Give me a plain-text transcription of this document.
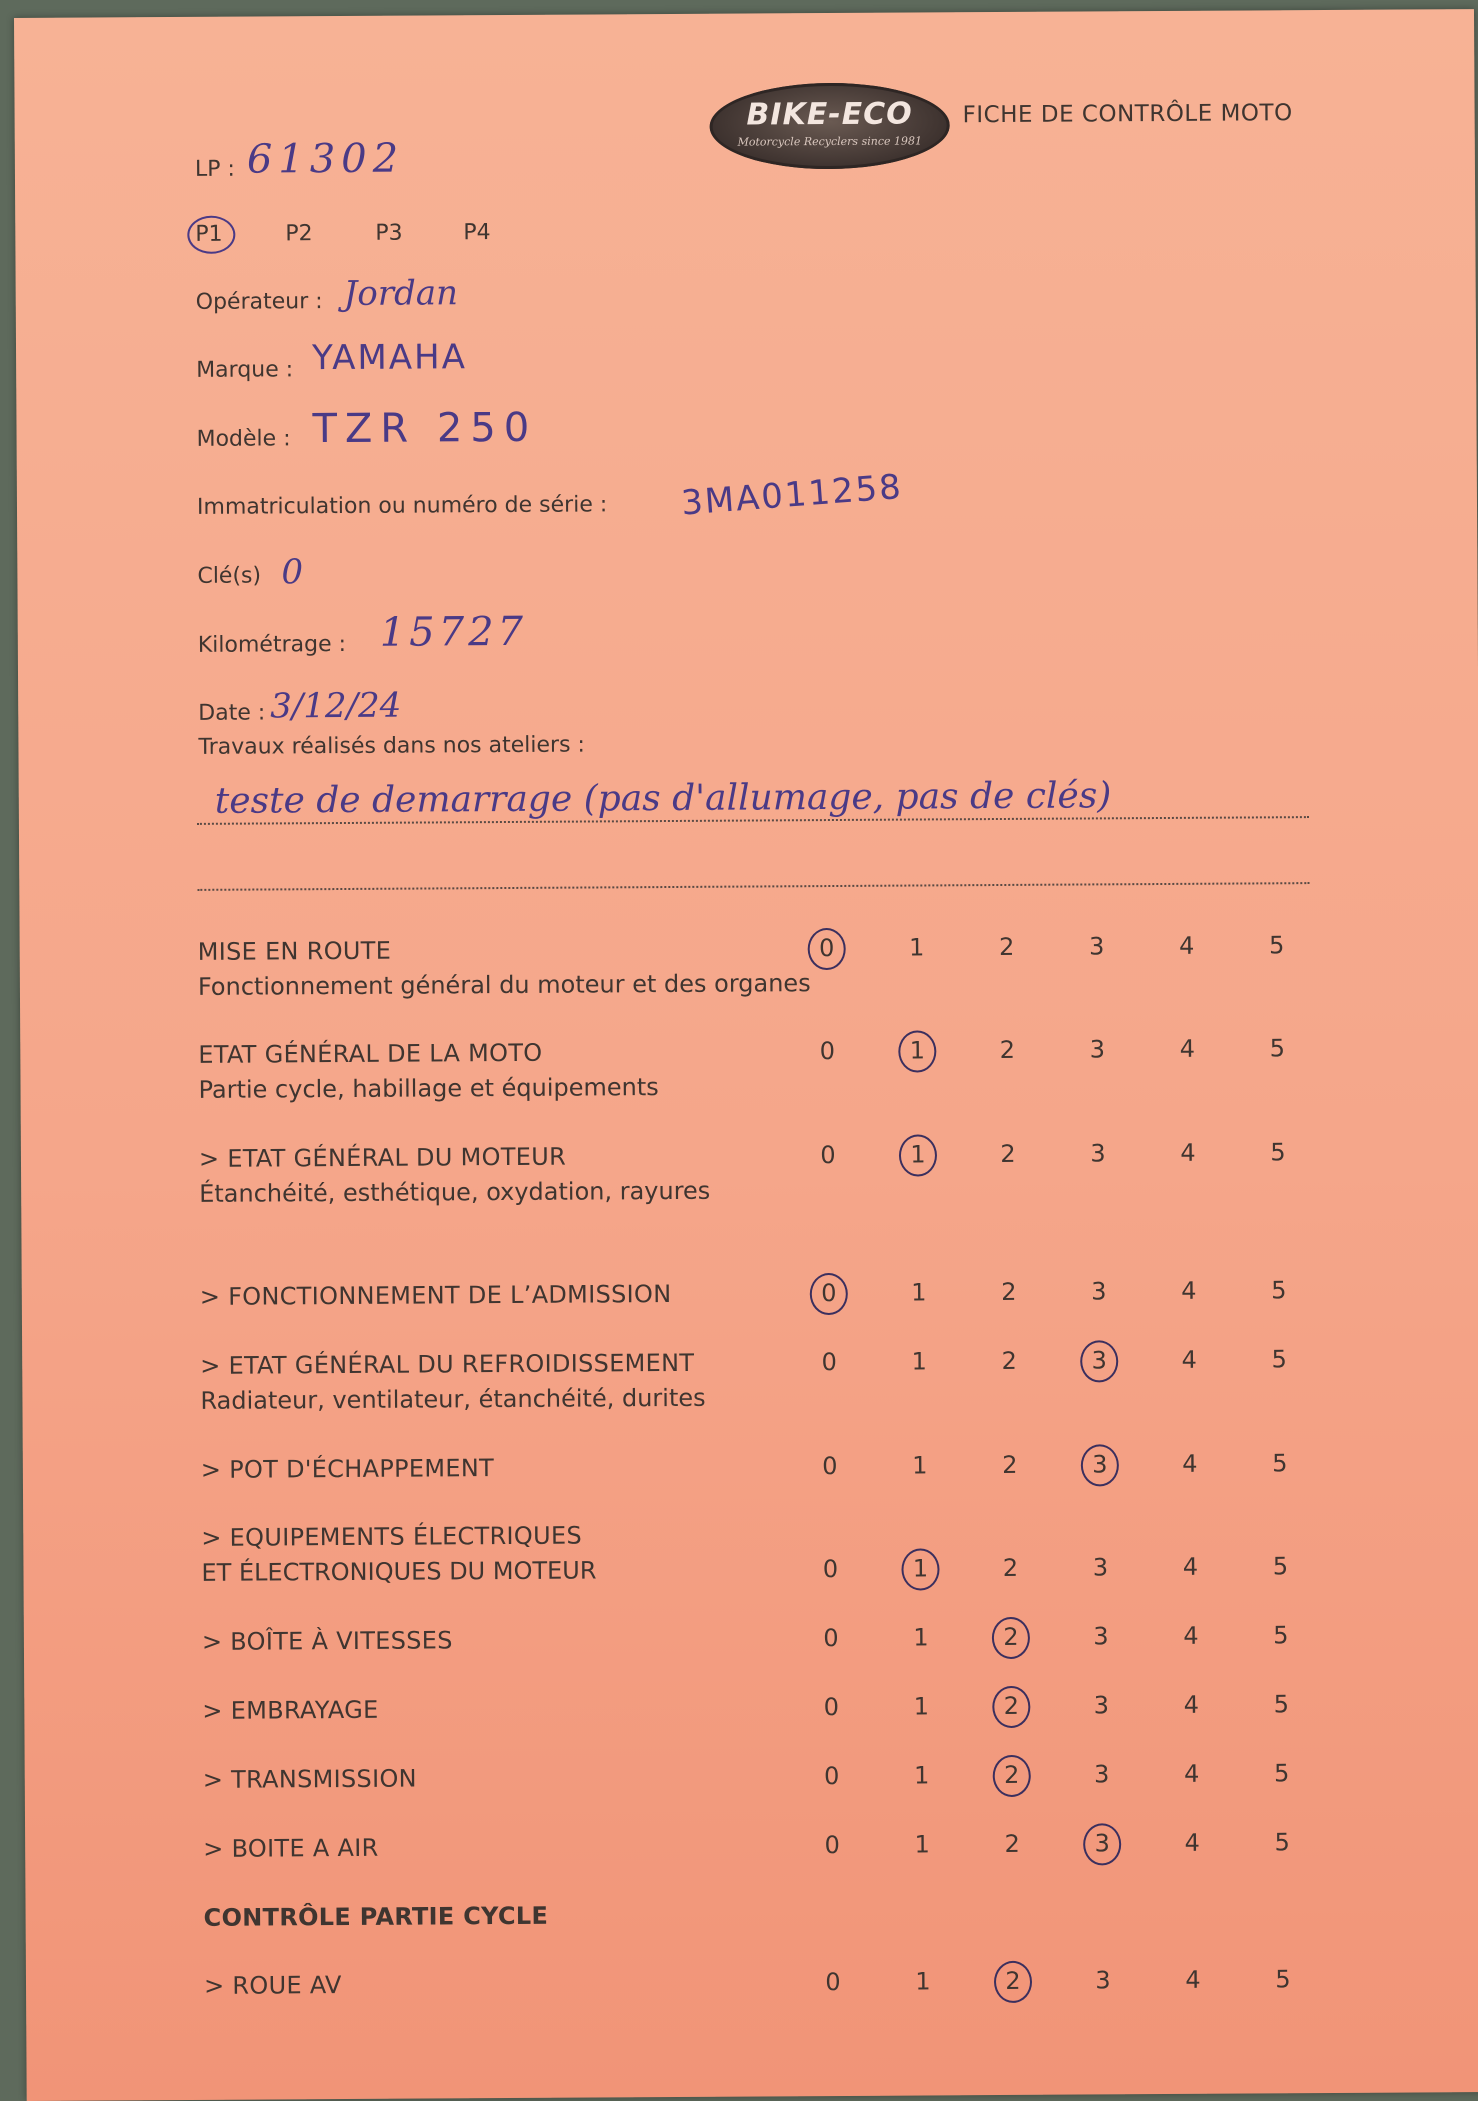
BIKE-ECO
Motorcycle Recyclers since 1981
FICHE DE CONTRÔLE MOTO
LP : 61302
P1	P2	P3	P4
Opérateur : Jordan
Marque : YAMAHA
Modèle : TZR 250
Immatriculation ou numéro de série : 3MA011258
Clé(s) 0
Kilométrage : 15727
Date : 3/12/24
Travaux réalisés dans nos ateliers :
teste de demarrage (pas d'allumage, pas de clés)
MISE EN ROUTE
Fonctionnement général du moteur et des organes
0	1	2	3	4	5
ETAT GÉNÉRAL DE LA MOTO
Partie cycle, habillage et équipements
0	1	2	3	4	5
> ETAT GÉNÉRAL DU MOTEUR
Étanchéité, esthétique, oxydation, rayures
0	1	2	3	4	5
> FONCTIONNEMENT DE L’ADMISSION	0	1	2	3	4	5
> ETAT GÉNÉRAL DU REFROIDISSEMENT
Radiateur, ventilateur, étanchéité, durites
0	1	2	3	4	5
> POT D'ÉCHAPPEMENT	0	1	2	3	4	5
> EQUIPEMENTS ÉLECTRIQUES
ET ÉLECTRONIQUES DU MOTEUR	0	1	2	3	4	5
> BOÎTE À VITESSES	0	1	2	3	4	5
> EMBRAYAGE	0	1	2	3	4	5
> TRANSMISSION	0	1	2	3	4	5
> BOITE A AIR	0	1	2	3	4	5
CONTRÔLE PARTIE CYCLE
> ROUE AV	0	1	2	3	4	5
